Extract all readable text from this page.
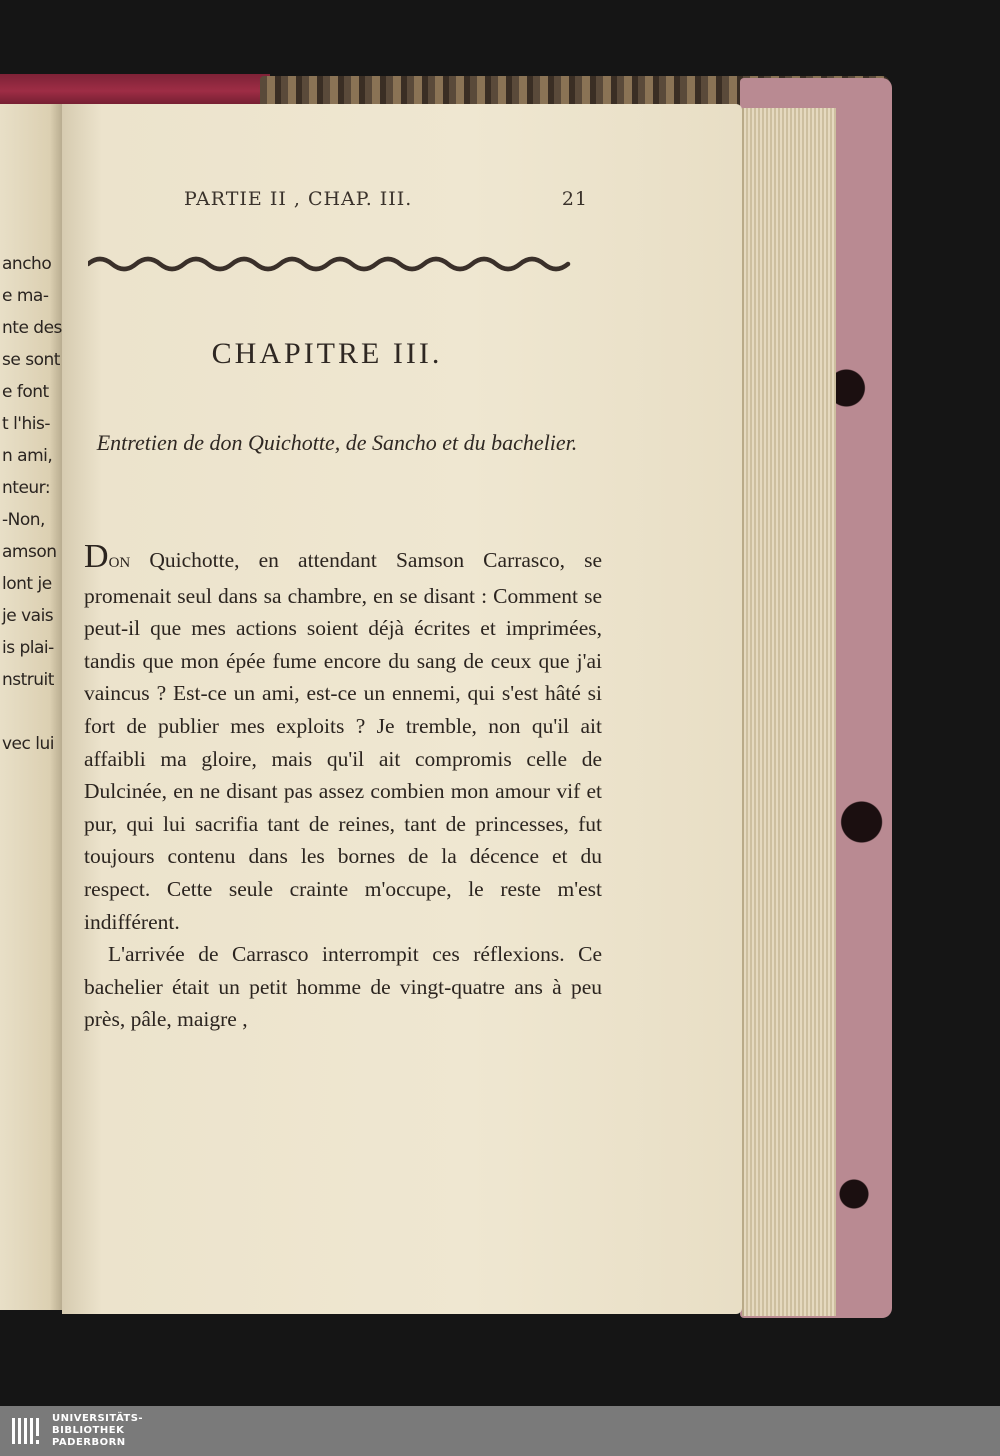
ancho
e ma-
nte des
se sont
e font
t l'his-
n ami,
nteur:
-Non,
amson
lont je
je vais
is plai-
nstruit
vec lui
PARTIE II , CHAP. III.	21
CHAPITRE III.
Entretien de don Quichotte, de Sancho et du bachelier.

DON Quichotte, en attendant Samson Carrasco, se promenait seul dans sa chambre, en se disant : Comment se peut-il que mes actions soient déjà écrites et imprimées, tandis que mon épée fume encore du sang de ceux que j'ai vaincus ? Est-ce un ami, est-ce un ennemi, qui s'est hâté si fort de publier mes exploits ? Je tremble, non qu'il ait affaibli ma gloire, mais qu'il ait compromis celle de Dulcinée, en ne disant pas assez combien mon amour vif et pur, qui lui sacrifia tant de reines, tant de princesses, fut toujours contenu dans les bornes de la décence et du respect. Cette seule crainte m'occupe, le reste m'est indifférent.

L'arrivée de Carrasco interrompit ces réflexions. Ce bachelier était un petit homme de vingt-quatre ans à peu près, pâle, maigre ,

UNIVERSITÄTS-
BIBLIOTHEK
PADERBORN
